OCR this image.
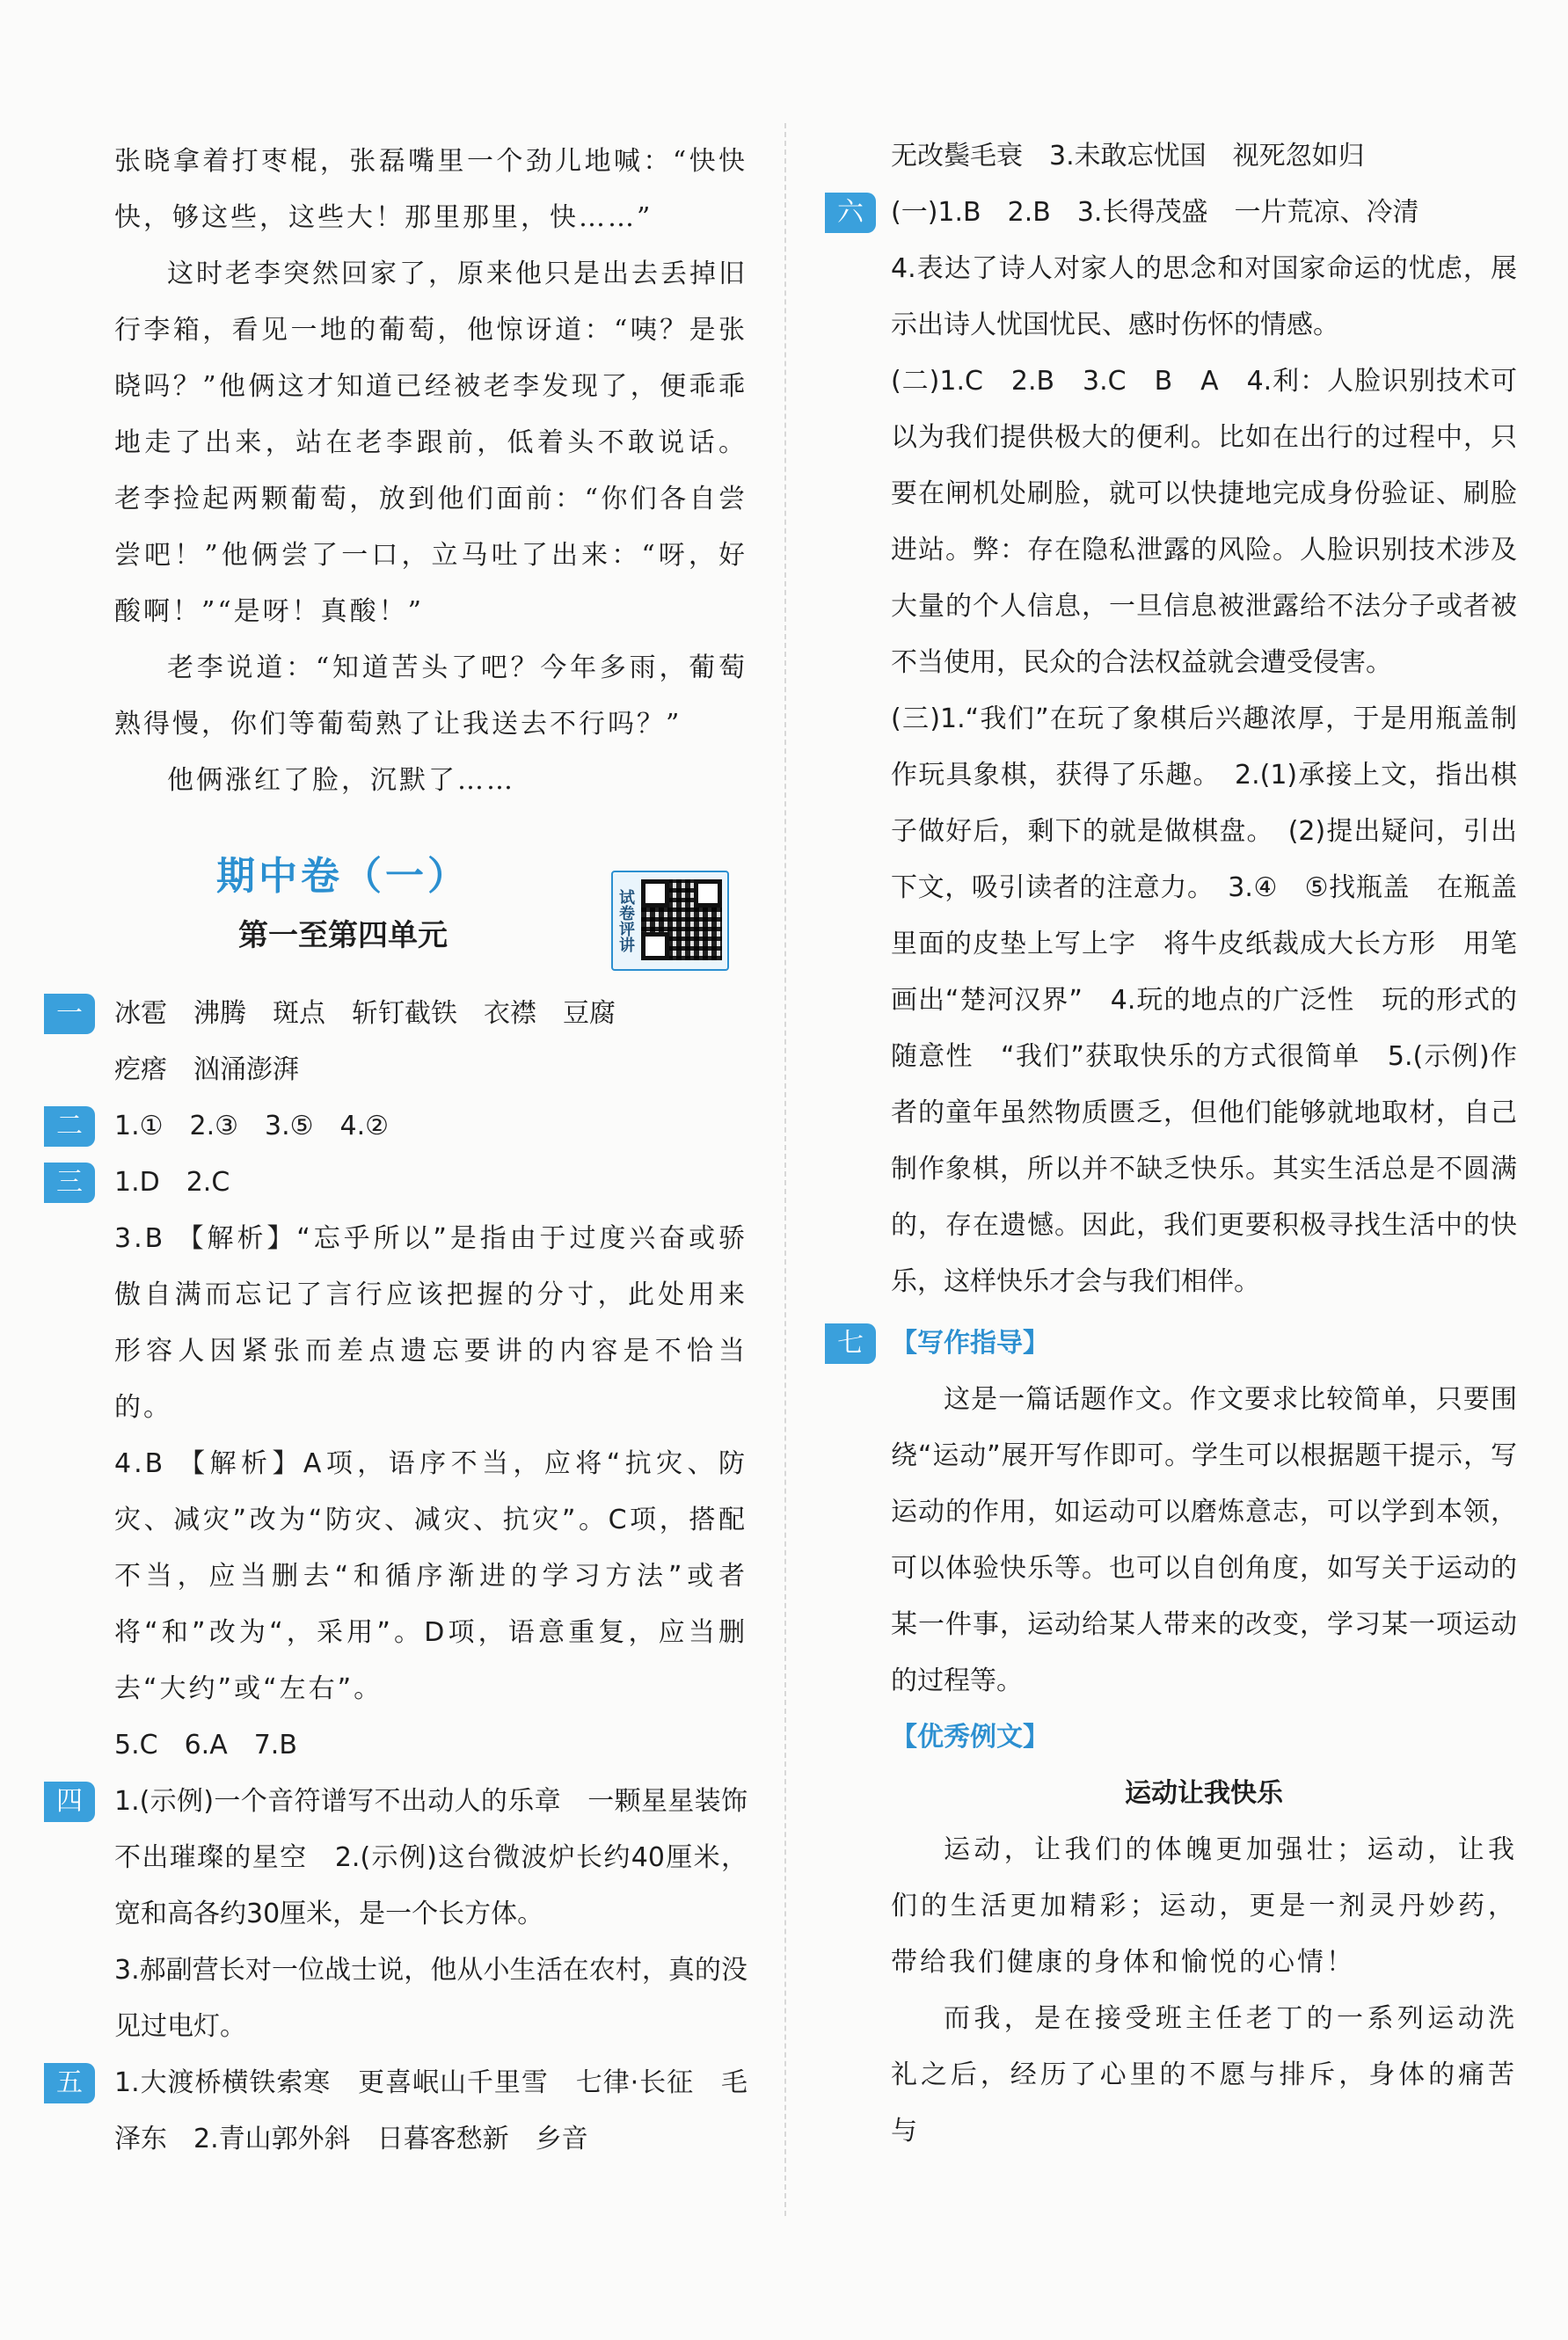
张晓拿着打枣棍，张磊嘴里一个劲儿地喊：“快快快，够这些，这些大！那里那里，快……”

这时老李突然回家了，原来他只是出去丢掉旧行李箱，看见一地的葡萄，他惊讶道：“咦？是张晓吗？”他俩这才知道已经被老李发现了，便乖乖地走了出来，站在老李跟前，低着头不敢说话。老李捡起两颗葡萄，放到他们面前：“你们各自尝尝吧！”他俩尝了一口，立马吐了出来：“呀，好酸啊！”“是呀！真酸！”

老李说道：“知道苦头了吧？今年多雨，葡萄熟得慢，你们等葡萄熟了让我送去不行吗？”

他俩涨红了脸，沉默了……

期中卷（一）
第一至第四单元	试卷评讲
一	冰雹　沸腾　斑点　斩钉截铁　衣襟　豆腐

疙瘩　汹涌澎湃

二	1.①　2.③　3.⑤　4.②

三	1.D　2.C

3.B 【解析】“忘乎所以”是指由于过度兴奋或骄傲自满而忘记了言行应该把握的分寸，此处用来形容人因紧张而差点遗忘要讲的内容是不恰当的。

4.B 【解析】A项，语序不当，应将“抗灾、防灾、减灾”改为“防灾、减灾、抗灾”。C项，搭配不当，应当删去“和循序渐进的学习方法”或者将“和”改为“，采用”。D项，语意重复，应当删去“大约”或“左右”。

5.C　6.A　7.B

四	1.(示例)一个音符谱写不出动人的乐章　一颗星星装饰不出璀璨的星空　2.(示例)这台微波炉长约40厘米，宽和高各约30厘米，是一个长方体。

3.郝副营长对一位战士说，他从小生活在农村，真的没见过电灯。

五	1.大渡桥横铁索寒　更喜岷山千里雪　七律·长征　毛泽东　2.青山郭外斜　日暮客愁新　乡音

无改鬓毛衰　3.未敢忘忧国　视死忽如归

六	(一)1.B　2.B　3.长得茂盛　一片荒凉、冷清

4.表达了诗人对家人的思念和对国家命运的忧虑，展示出诗人忧国忧民、感时伤怀的情感。

(二)1.C　2.B　3.C　B　A　4.利：人脸识别技术可以为我们提供极大的便利。比如在出行的过程中，只要在闸机处刷脸，就可以快捷地完成身份验证、刷脸进站。弊：存在隐私泄露的风险。人脸识别技术涉及大量的个人信息，一旦信息被泄露给不法分子或者被不当使用，民众的合法权益就会遭受侵害。

(三)1.“我们”在玩了象棋后兴趣浓厚，于是用瓶盖制作玩具象棋，获得了乐趣。　2.(1)承接上文，指出棋子做好后，剩下的就是做棋盘。　(2)提出疑问，引出下文，吸引读者的注意力。　3.④　⑤找瓶盖　在瓶盖里面的皮垫上写上字　将牛皮纸裁成大长方形　用笔画出“楚河汉界”　4.玩的地点的广泛性　玩的形式的随意性　“我们”获取快乐的方式很简单　5.(示例)作者的童年虽然物质匮乏，但他们能够就地取材，自己制作象棋，所以并不缺乏快乐。其实生活总是不圆满的，存在遗憾。因此，我们更要积极寻找生活中的快乐，这样快乐才会与我们相伴。

七	【写作指导】

这是一篇话题作文。作文要求比较简单，只要围绕“运动”展开写作即可。学生可以根据题干提示，写运动的作用，如运动可以磨炼意志，可以学到本领，可以体验快乐等。也可以自创角度，如写关于运动的某一件事，运动给某人带来的改变，学习某一项运动的过程等。

【优秀例文】

运动让我快乐

运动，让我们的体魄更加强壮；运动，让我们的生活更加精彩；运动，更是一剂灵丹妙药，带给我们健康的身体和愉悦的心情！

而我，是在接受班主任老丁的一系列运动洗礼之后，经历了心里的不愿与排斥，身体的痛苦与
